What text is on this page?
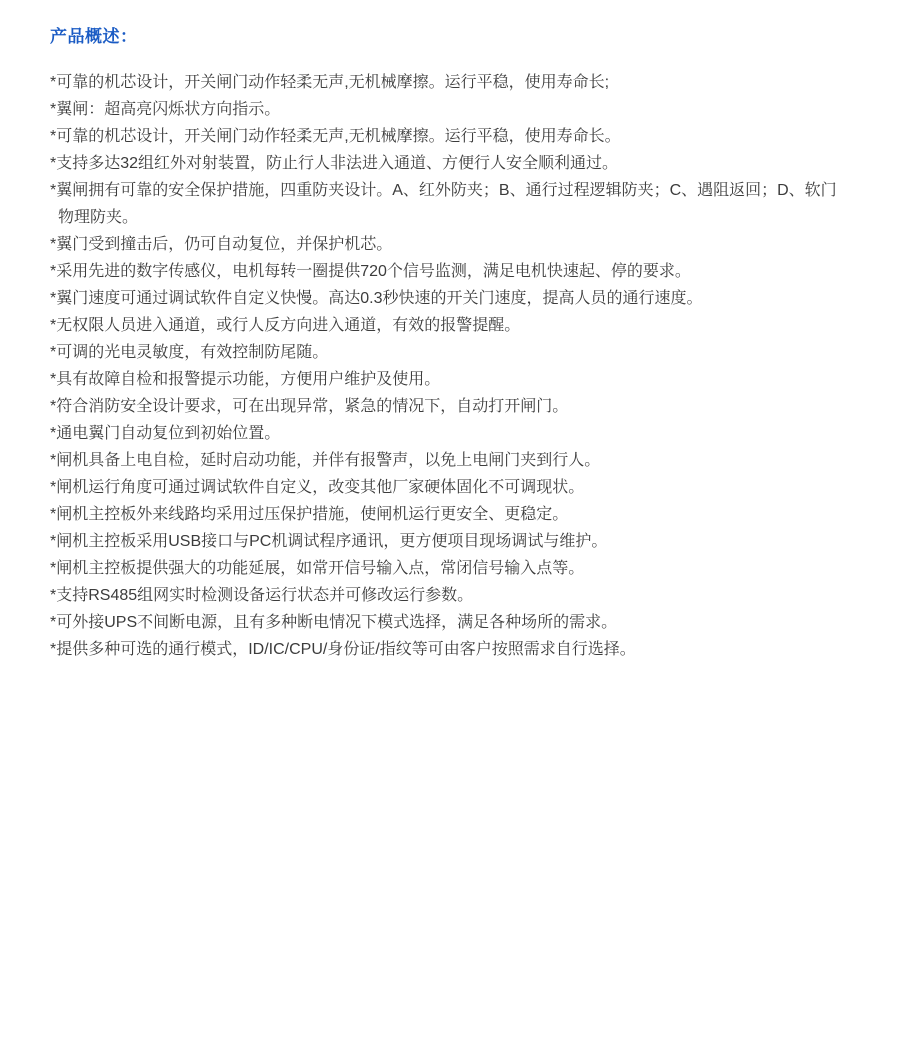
产品概述：

*可靠的机芯设计，开关闸门动作轻柔无声,无机械摩擦。运行平稳，使用寿命长;

*翼闸：超高亮闪烁状方向指示。

*可靠的机芯设计，开关闸门动作轻柔无声,无机械摩擦。运行平稳，使用寿命长。

*支持多达32组红外对射装置，防止行人非法进入通道、方便行人安全顺利通过。

*翼闸拥有可靠的安全保护措施，四重防夹设计。A、红外防夹；B、通行过程逻辑防夹；C、遇阻返回；D、软门物理防夹。

*翼门受到撞击后，仍可自动复位，并保护机芯。

*采用先进的数字传感仪，电机每转一圈提供720个信号监测，满足电机快速起、停的要求。

*翼门速度可通过调试软件自定义快慢。高达0.3秒快速的开关门速度，提高人员的通行速度。

*无权限人员进入通道，或行人反方向进入通道，有效的报警提醒。

*可调的光电灵敏度，有效控制防尾随。

*具有故障自检和报警提示功能，方便用户维护及使用。

*符合消防安全设计要求，可在出现异常，紧急的情况下，自动打开闸门。

*通电翼门自动复位到初始位置。

*闸机具备上电自检，延时启动功能，并伴有报警声，以免上电闸门夹到行人。

*闸机运行角度可通过调试软件自定义，改变其他厂家硬体固化不可调现状。

*闸机主控板外来线路均采用过压保护措施，使闸机运行更安全、更稳定。

*闸机主控板采用USB接口与PC机调试程序通讯，更方便项目现场调试与维护。

*闸机主控板提供强大的功能延展，如常开信号输入点，常闭信号输入点等。

*支持RS485组网实时检测设备运行状态并可修改运行参数。

*可外接UPS不间断电源，且有多种断电情况下模式选择，满足各种场所的需求。

*提供多种可选的通行模式，ID/IC/CPU/身份证/指纹等可由客户按照需求自行选择。
